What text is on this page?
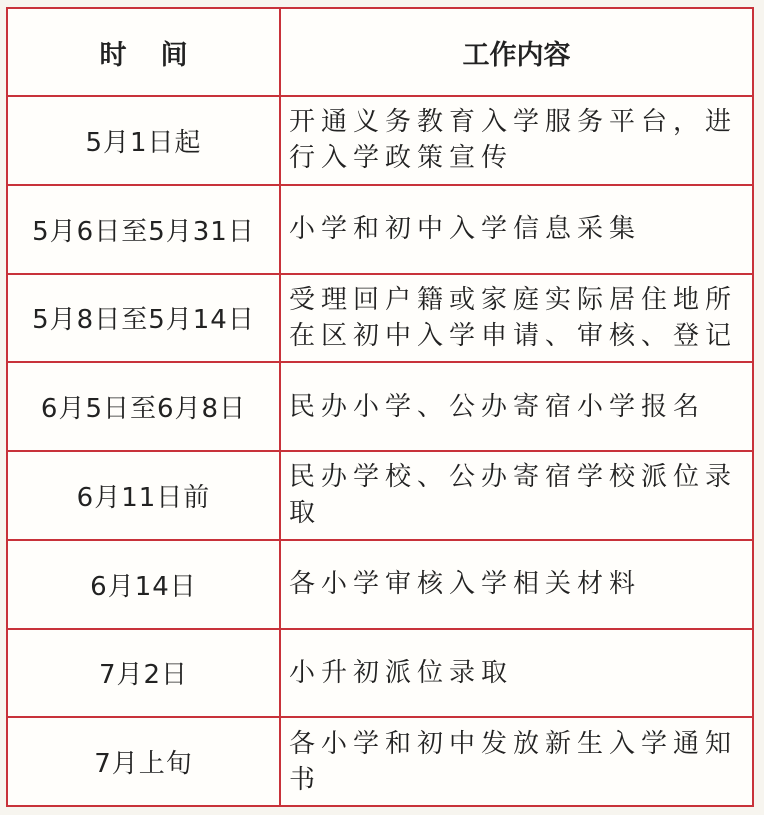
时间	工作内容
5月1日起	开通义务教育入学服务平台，进行入学政策宣传
5月6日至5月31日	小学和初中入学信息采集
5月8日至5月14日	受理回户籍或家庭实际居住地所在区初中入学申请、审核、登记
6月5日至6月8日	民办小学、公办寄宿小学报名
6月11日前	民办学校、公办寄宿学校派位录取
6月14日	各小学审核入学相关材料
7月2日	小升初派位录取
7月上旬	各小学和初中发放新生入学通知书
